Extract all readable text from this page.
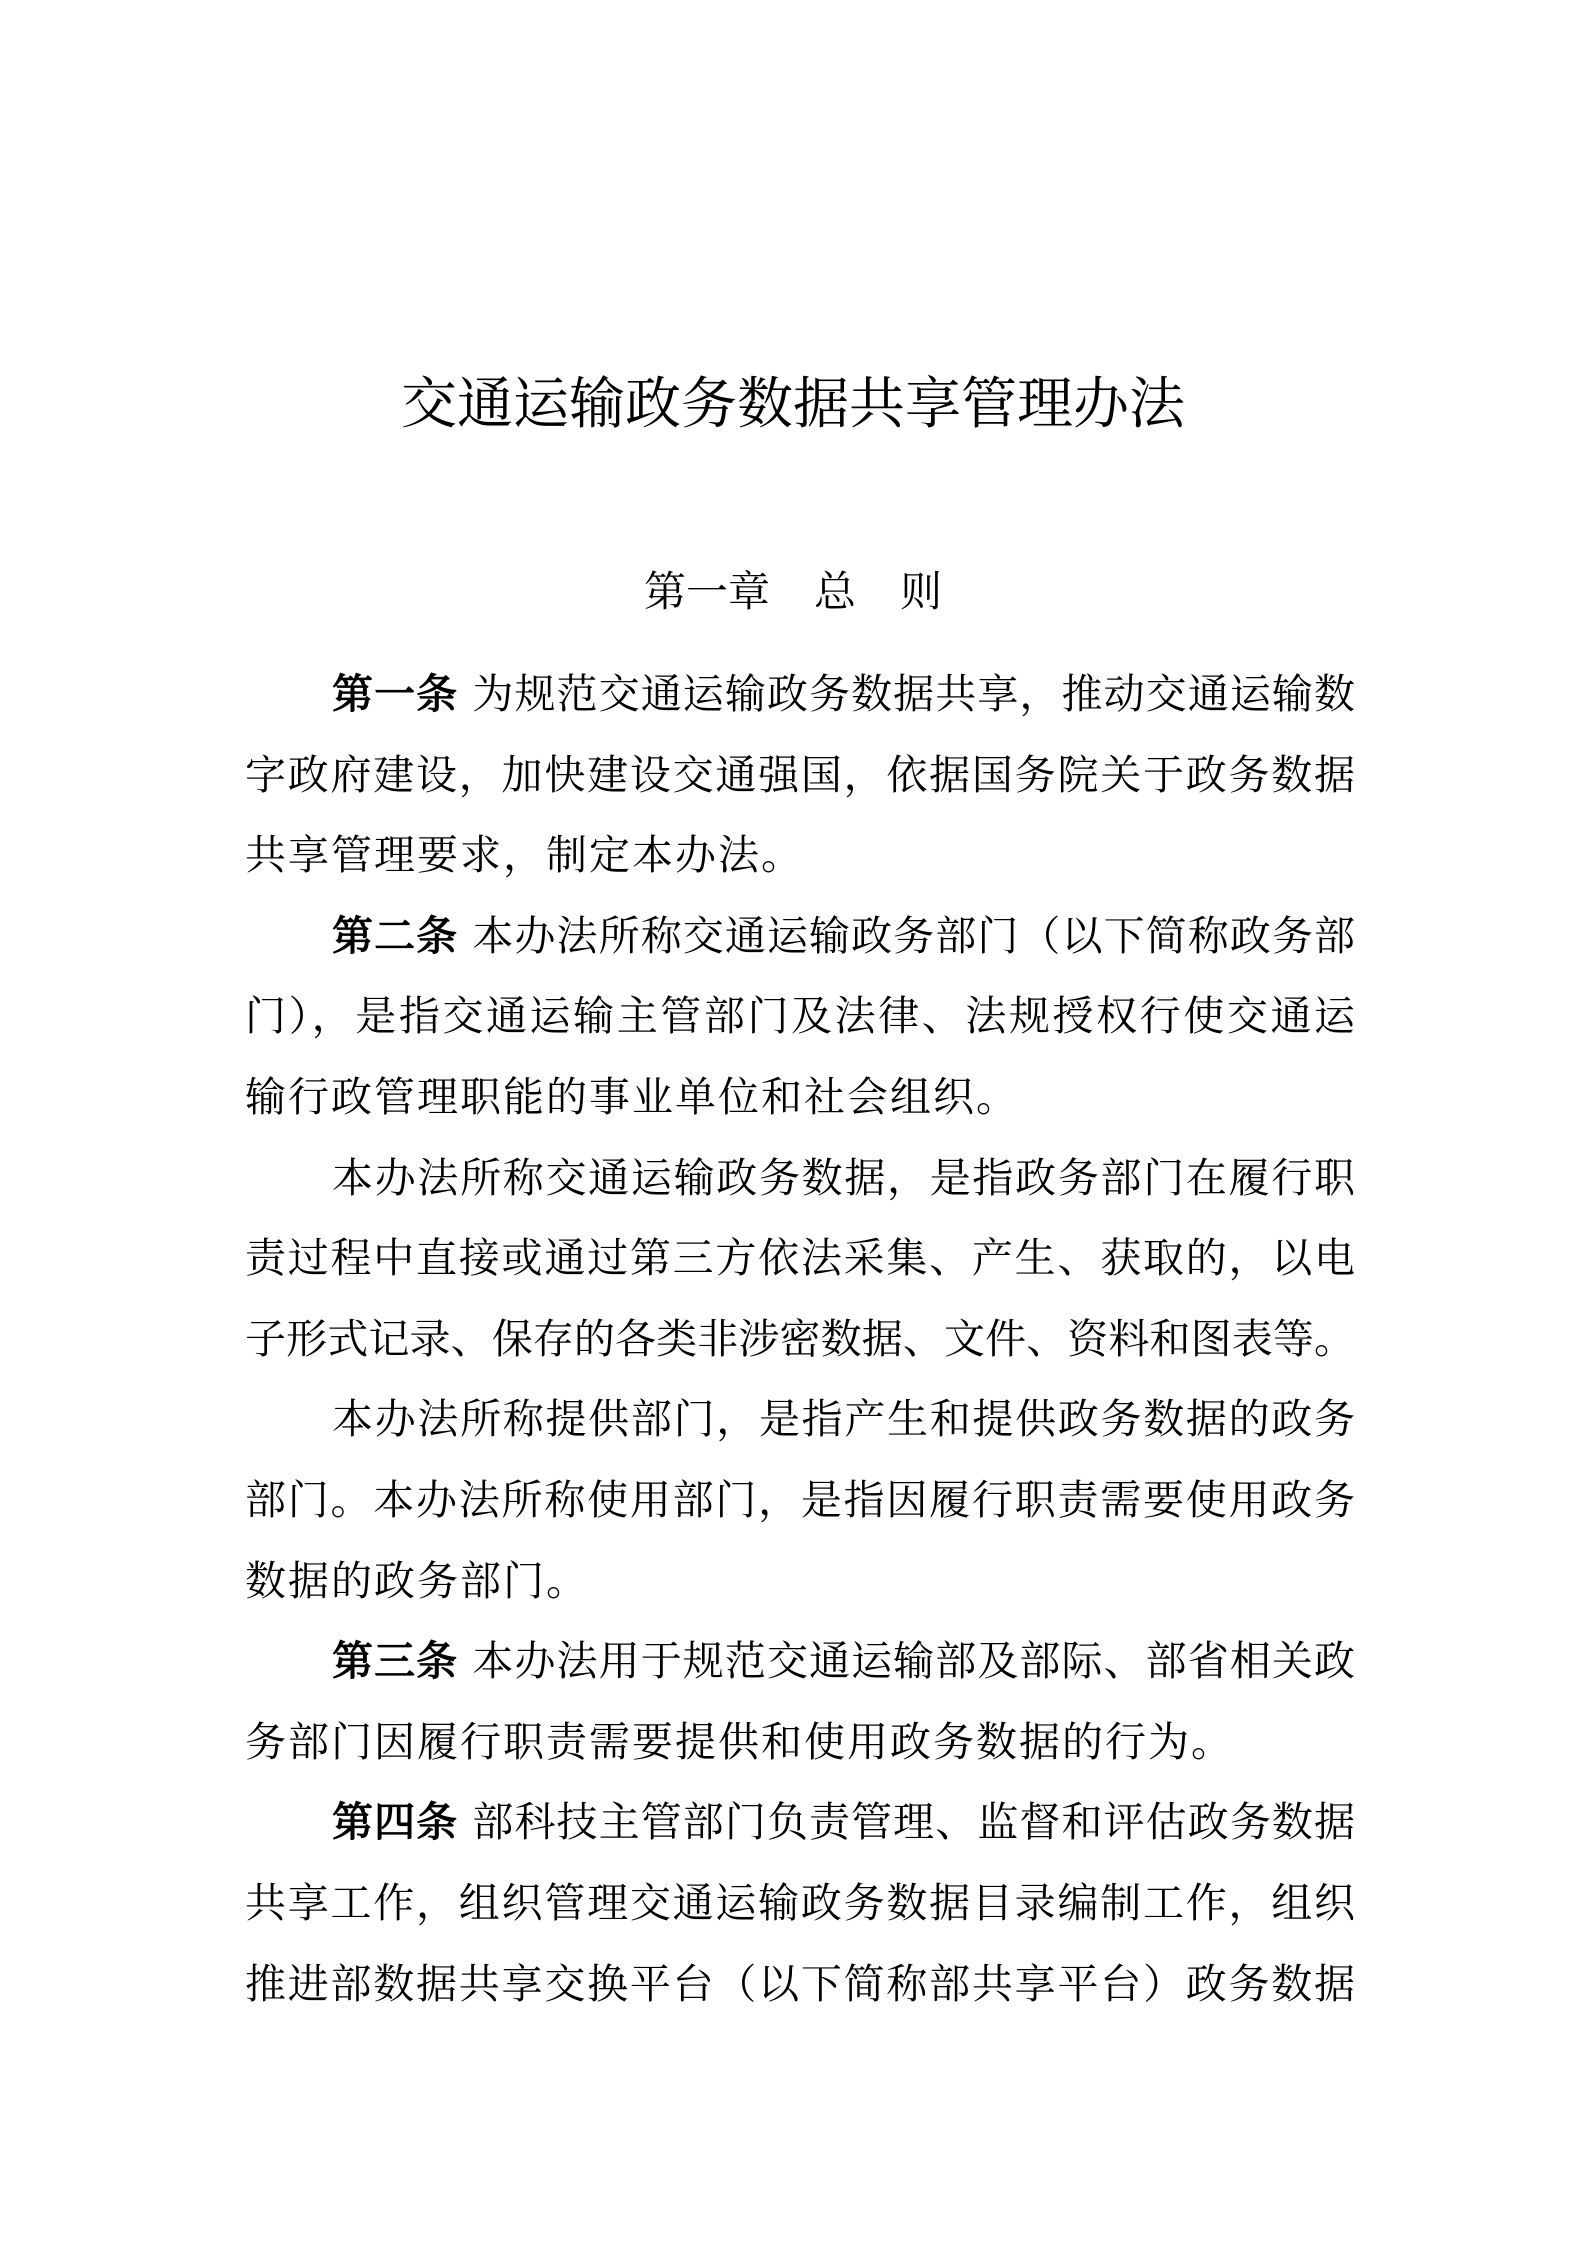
交通运输政务数据共享管理办法
第一章 总 则
第一条 为规范交通运输政务数据共享，推动交通运输数
字政府建设，加快建设交通强国，依据国务院关于政务数据
共享管理要求，制定本办法。
第二条 本办法所称交通运输政务部门（以下简称政务部
门），是指交通运输主管部门及法律、法规授权行使交通运
输行政管理职能的事业单位和社会组织。
本办法所称交通运输政务数据，是指政务部门在履行职
责过程中直接或通过第三方依法采集、产生、获取的，以电
子形式记录、保存的各类非涉密数据、文件、资料和图表等。
本办法所称提供部门，是指产生和提供政务数据的政务
部门。本办法所称使用部门，是指因履行职责需要使用政务
数据的政务部门。
第三条 本办法用于规范交通运输部及部际、部省相关政
务部门因履行职责需要提供和使用政务数据的行为。
第四条 部科技主管部门负责管理、监督和评估政务数据
共享工作，组织管理交通运输政务数据目录编制工作，组织
推进部数据共享交换平台（以下简称部共享平台）政务数据
